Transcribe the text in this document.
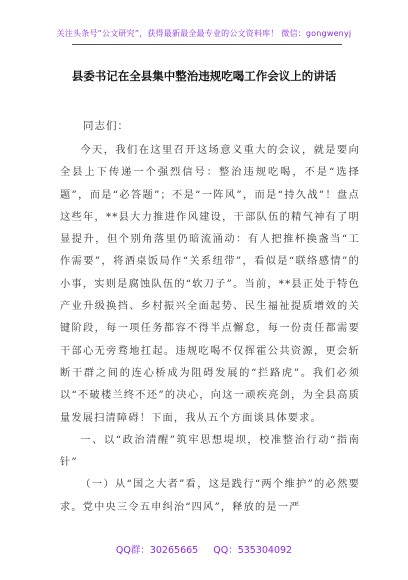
关注头条号“公文研究”，获得最新最全最专业的公文资料库！ 微信：gongwenyj
县委书记在全县集中整治违规吃喝工作会议上的讲话
同志们：

今天，我们在这里召开这场意义重大的会议，就是要向全县上下传递一个强烈信号：整治违规吃喝，不是“选择题”，而是“必答题”；不是“一阵风”，而是“持久战”！盘点这些年，**县大力推进作风建设，干部队伍的精气神有了明显提升，但个别角落里仍暗流涌动：有人把推杯换盏当“工作需要”，将酒桌饭局作“关系纽带”，看似是“联络感情”的小事，实则是腐蚀队伍的“软刀子”。当前，**县正处于特色产业升级换挡、乡村振兴全面起势、民生福祉提质增效的关键阶段，每一项任务都容不得半点懈怠，每一份责任都需要干部心无旁骛地扛起。违规吃喝不仅挥霍公共资源，更会斩断干群之间的连心桥成为阻碍发展的“拦路虎”。我们必须以“不破楼兰终不还”的决心，向这一顽疾亮剑，为全县高质量发展扫清障碍！下面，我从五个方面谈具体要求。

一、以“政治清醒”筑牢思想堤坝，校准整治行动“指南针”

（一）从“国之大者”看，这是践行“两个维护”的必然要求。党中央三令五申纠治“四风”，释放的是一严

QQ群：30265665 QQ：535304092
